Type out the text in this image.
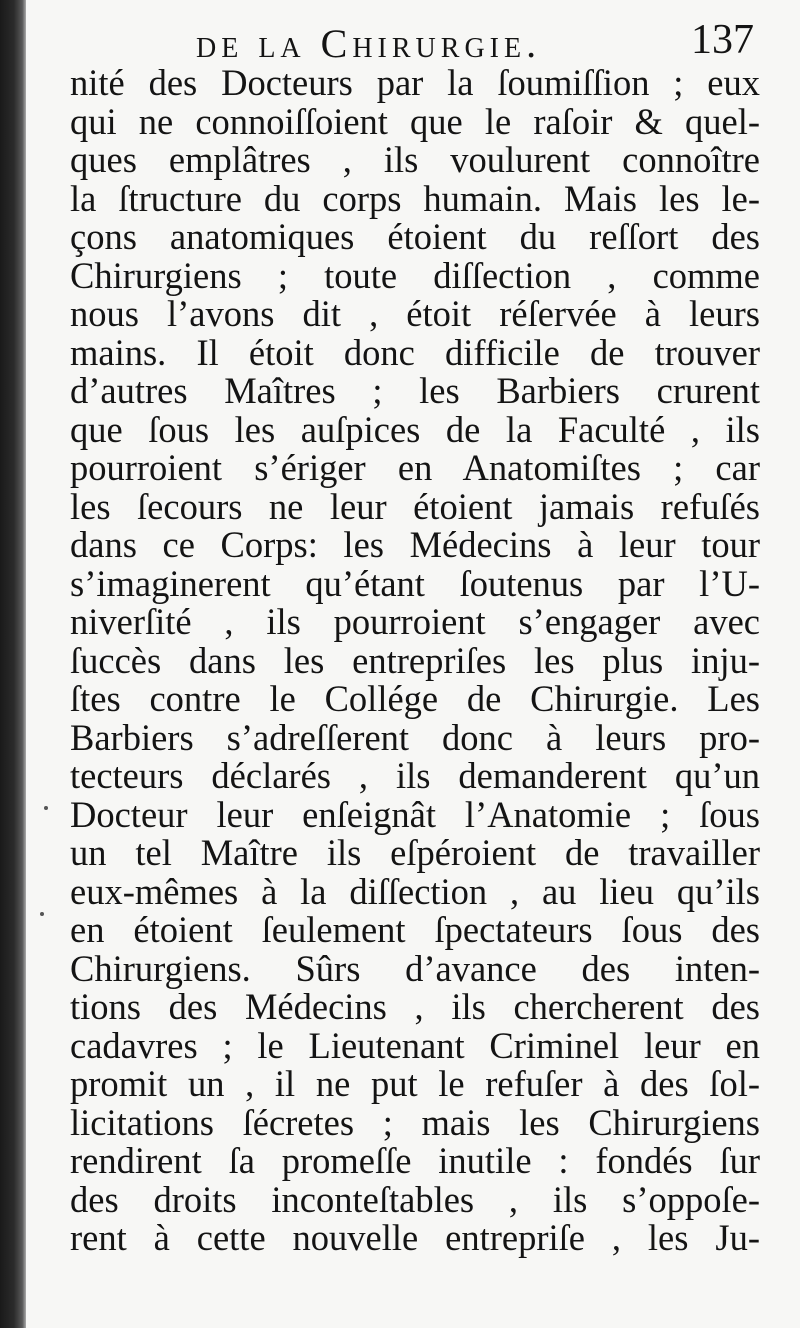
de la Chirurgie.	137
nité des Docteurs par la ſoumiſſion ; eux
qui ne connoiſſoient que le raſoir & quel-
ques emplâtres , ils voulurent connoître
la ſtructure du corps humain. Mais les le-
çons anatomiques étoient du reſſort des
Chirurgiens ; toute diſſection , comme
nous l’avons dit , étoit réſervée à leurs
mains. Il étoit donc difficile de trouver
d’autres Maîtres ; les Barbiers crurent
que ſous les auſpices de la Faculté , ils
pourroient s’ériger en Anatomiſtes ; car
les ſecours ne leur étoient jamais refuſés
dans ce Corps: les Médecins à leur tour
s’imaginerent qu’étant ſoutenus par l’U-
niverſité , ils pourroient s’engager avec
ſuccès dans les entrepriſes les plus inju-
ſtes contre le Collége de Chirurgie. Les
Barbiers s’adreſſerent donc à leurs pro-
tecteurs déclarés , ils demanderent qu’un
Docteur leur enſeignât l’Anatomie ; ſous
un tel Maître ils eſpéroient de travailler
eux-mêmes à la diſſection , au lieu qu’ils
en étoient ſeulement ſpectateurs ſous des
Chirurgiens. Sûrs d’avance des inten-
tions des Médecins , ils chercherent des
cadavres ; le Lieutenant Criminel leur en
promit un , il ne put le refuſer à des ſol-
licitations ſécretes ; mais les Chirurgiens
rendirent ſa promeſſe inutile : fondés ſur
des droits inconteſtables , ils s’oppoſe-
rent à cette nouvelle entrepriſe , les Ju-
